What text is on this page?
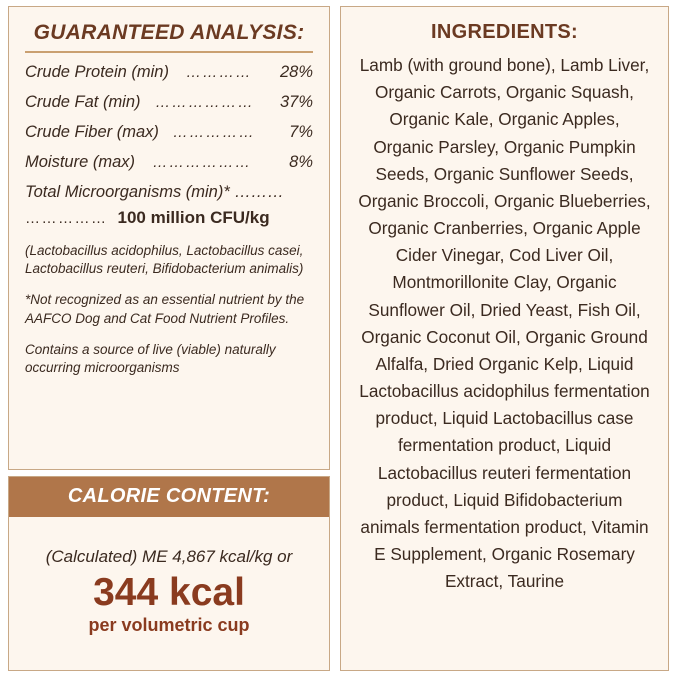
GUARANTEED ANALYSIS:
Crude Protein (min)	…………	28%
Crude Fat (min) ………………	37%
Crude Fiber (max) ……………	7%
Moisture (max)	………………	8%
Total Microorganisms (min)* ………
…………… 100 million CFU/kg

(Lactobacillus acidophilus, Lactobacillus casei, Lactobacillus reuteri, Bifidobacterium animalis)

*Not recognized as an essential nutrient by the AAFCO Dog and Cat Food Nutrient Profiles.

Contains a source of live (viable) naturally occurring microorganisms

CALORIE CONTENT:
(Calculated) ME 4,867 kcal/kg or
344 kcal
per volumetric cup
INGREDIENTS:
Lamb (with ground bone), Lamb Liver, Organic Carrots, Organic Squash, Organic Kale, Organic Apples, Organic Parsley, Organic Pumpkin Seeds, Organic Sunflower Seeds, Organic Broccoli, Organic Blueberries, Organic Cranberries, Organic Apple Cider Vinegar, Cod Liver Oil, Montmorillonite Clay, Organic Sunflower Oil, Dried Yeast, Fish Oil, Organic Coconut Oil, Organic Ground Alfalfa, Dried Organic Kelp, Liquid Lactobacillus acidophilus fermentation product, Liquid Lactobacillus case fermentation product, Liquid Lactobacillus reuteri fermentation product, Liquid Bifidobacterium animals fermentation product, Vitamin E Supplement, Organic Rosemary Extract, Taurine
